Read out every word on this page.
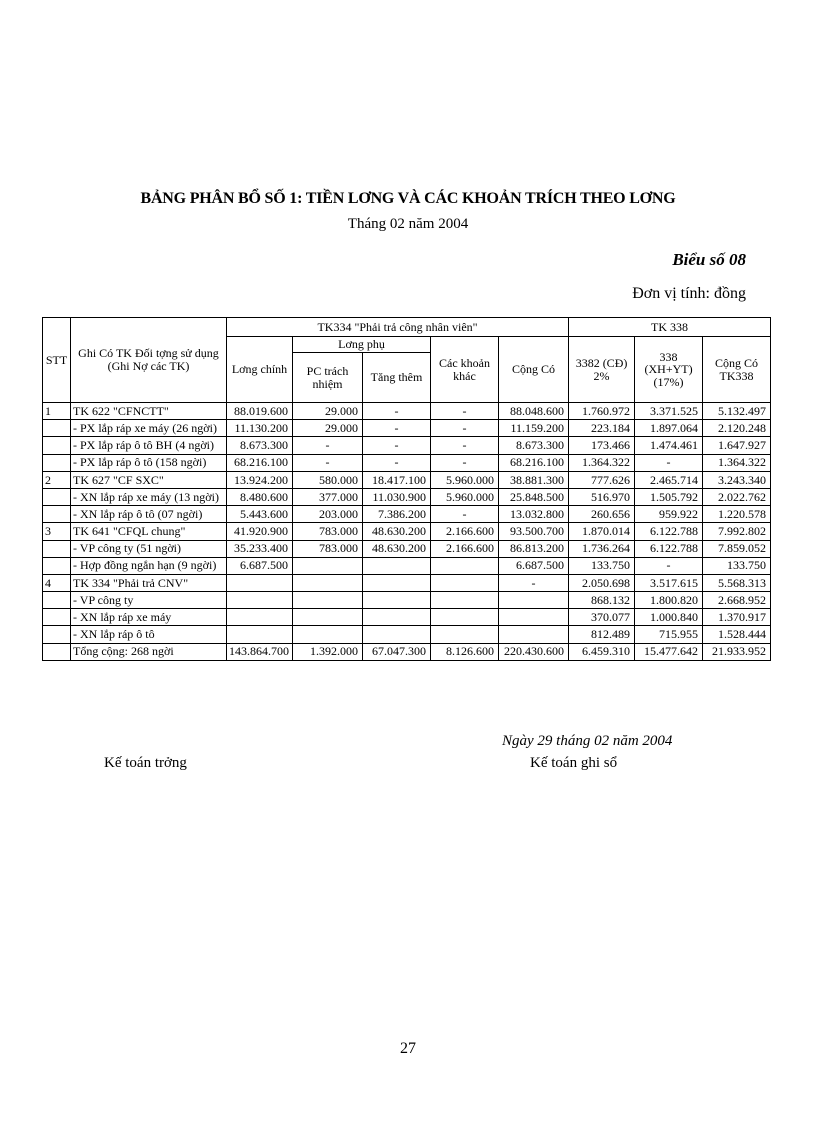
BẢNG PHÂN BỔ SỐ 1: TIỀN LƠNG VÀ CÁC KHOẢN TRÍCH THEO LƠNG
Tháng 02 năm 2004
Biểu số 08
Đơn vị tính: đồng
STT	Ghi Có TK Đối tợng sử dụng (Ghi Nợ các TK)	TK334 "Phải trả công nhân viên"					TK 338		
		Lơng chính	Lơng phụ		Các khoản khác	Cộng Có	3382 (CĐ) 2%	338 (XH+YT) (17%)	Cộng Có TK338
			PC trách nhiệm	Tăng thêm					
1	TK 622 "CFNCTT"	88.019.600	29.000	-	-	88.048.600	1.760.972	3.371.525	5.132.497
	- PX lắp ráp xe máy (26 ngời)	11.130.200	29.000	-	-	11.159.200	223.184	1.897.064	2.120.248
	- PX lắp ráp ô tô BH (4 ngời)	8.673.300	-	-	-	8.673.300	173.466	1.474.461	1.647.927
	- PX lắp ráp ô tô (158 ngời)	68.216.100	-	-	-	68.216.100	1.364.322	-	1.364.322
2	TK 627 "CF SXC"	13.924.200	580.000	18.417.100	5.960.000	38.881.300	777.626	2.465.714	3.243.340
	- XN lắp ráp xe máy (13 ngời)	8.480.600	377.000	11.030.900	5.960.000	25.848.500	516.970	1.505.792	2.022.762
	- XN lắp ráp ô tô (07 ngời)	5.443.600	203.000	7.386.200	-	13.032.800	260.656	959.922	1.220.578
3	TK 641 "CFQL chung"	41.920.900	783.000	48.630.200	2.166.600	93.500.700	1.870.014	6.122.788	7.992.802
	- VP công ty (51 ngời)	35.233.400	783.000	48.630.200	2.166.600	86.813.200	1.736.264	6.122.788	7.859.052
	- Hợp đồng ngắn hạn (9 ngời)	6.687.500				6.687.500	133.750	-	133.750
4	TK 334 "Phải trả CNV"					-	2.050.698	3.517.615	5.568.313
	- VP công ty						868.132	1.800.820	2.668.952
	- XN lắp ráp xe máy						370.077	1.000.840	1.370.917
	- XN lắp ráp ô tô						812.489	715.955	1.528.444
	Tổng cộng: 268 ngời	143.864.700	1.392.000	67.047.300	8.126.600	220.430.600	6.459.310	15.477.642	21.933.952
Kế toán trởng
Ngày 29 tháng 02 năm 2004
Kế toán ghi sổ
27
